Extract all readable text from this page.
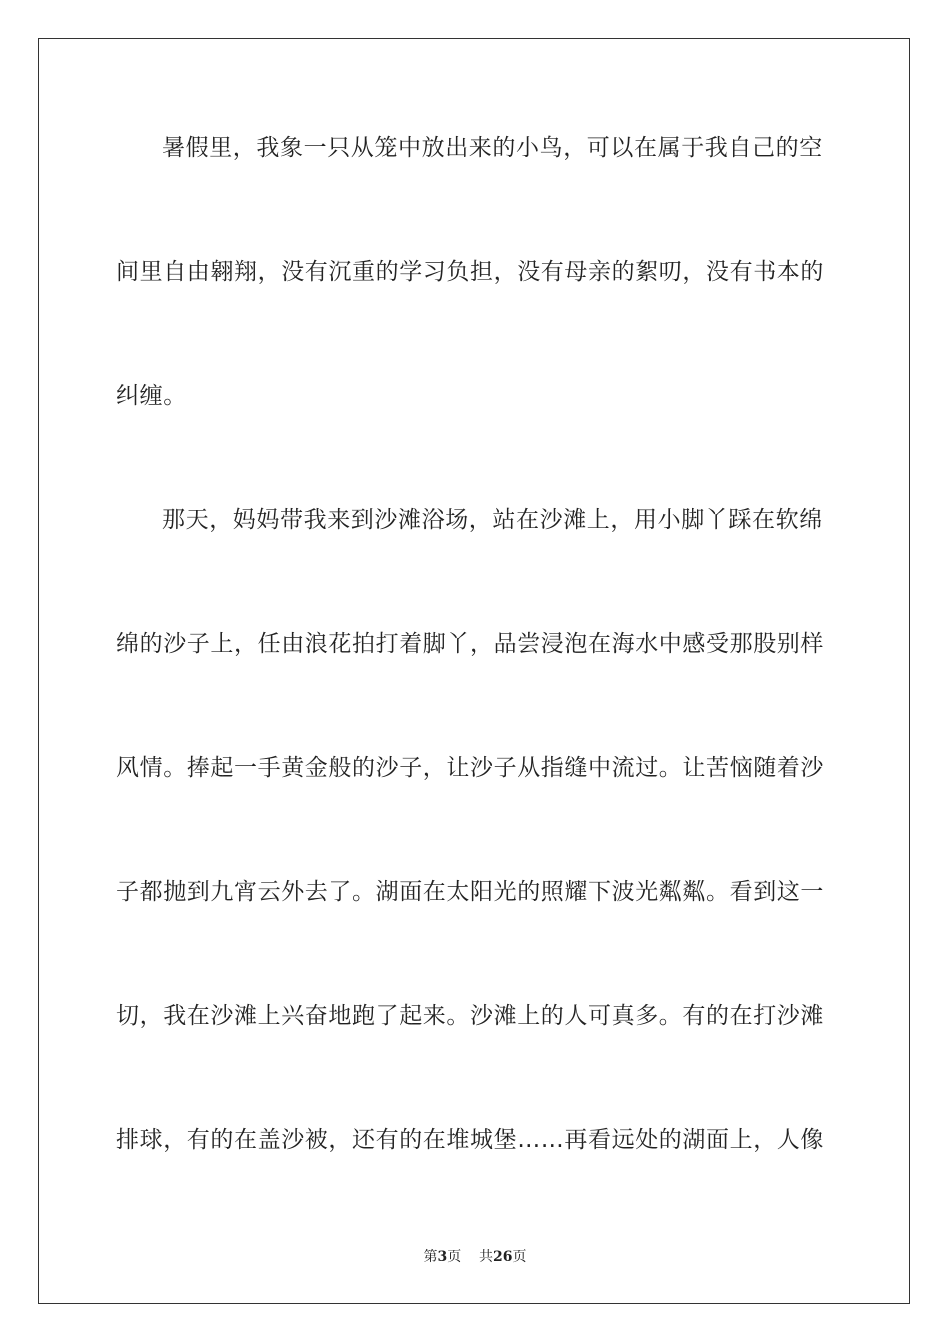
暑假里，我象一只从笼中放出来的小鸟，可以在属于我自己的空
间里自由翱翔，没有沉重的学习负担，没有母亲的絮叨，没有书本的
纠缠。
那天，妈妈带我来到沙滩浴场，站在沙滩上，用小脚丫踩在软绵
绵的沙子上，任由浪花拍打着脚丫，品尝浸泡在海水中感受那股别样
风情。捧起一手黄金般的沙子，让沙子从指缝中流过。让苦恼随着沙
子都抛到九宵云外去了。湖面在太阳光的照耀下波光粼粼。看到这一
切，我在沙滩上兴奋地跑了起来。沙滩上的人可真多。有的在打沙滩
排球，有的在盖沙被，还有的在堆城堡……再看远处的湖面上，人像
第3页 共26页
